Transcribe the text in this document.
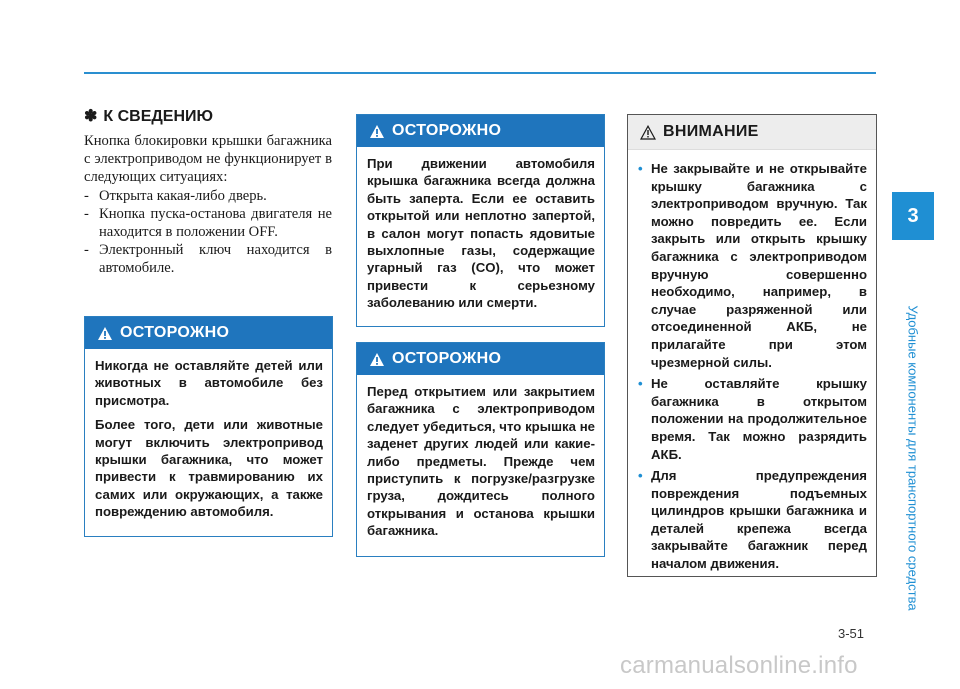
✽ К СВЕДЕНИЮ

Кнопка блокировки крышки багажника с электроприводом не функционирует в следующих ситуациях:

- Открыта какая-либо дверь.
- Кнопка пуска-останова двигателя не находится в положении OFF.
- Электронный ключ находится в автомобиле.
ОСТОРОЖНО

Никогда не оставляйте детей или животных в автомобиле без присмотра.

Более того, дети или животные могут включить электропривод крышки багажника, что может привести к травмированию их самих или окружающих, а также повреждению автомобиля.

ОСТОРОЖНО

При движении автомобиля крышка багажника всегда должна быть заперта. Если ее оставить открытой или неплотно запертой, в салон могут попасть ядовитые выхлопные газы, содержащие угарный газ (CO), что может привести к серьезному заболеванию или смерти.

ОСТОРОЖНО

Перед открытием или закрытием багажника с электроприводом следует убедиться, что крышка не заденет других людей или какие-либо предметы. Прежде чем приступить к погрузке/разгрузке груза, дождитесь полного открывания и останова крышки багажника.

ВНИМАНИЕ
• Не закрывайте и не открывайте крышку багажника с электроприводом вручную. Так можно повредить ее. Если закрыть или открыть крышку багажника с электроприводом вручную совершенно необходимо, например, в случае разряженной или отсоединенной АКБ, не прилагайте при этом чрезмерной силы.
• Не оставляйте крышку багажника в открытом положении на продолжительное время. Так можно разрядить АКБ.
• Для предупреждения повреждения подъемных цилиндров крышки багажника и деталей крепежа всегда закрывайте багажник перед началом движения.
3
Удобные компоненты для транспортного средства
3-51
carmanualsonline.info
